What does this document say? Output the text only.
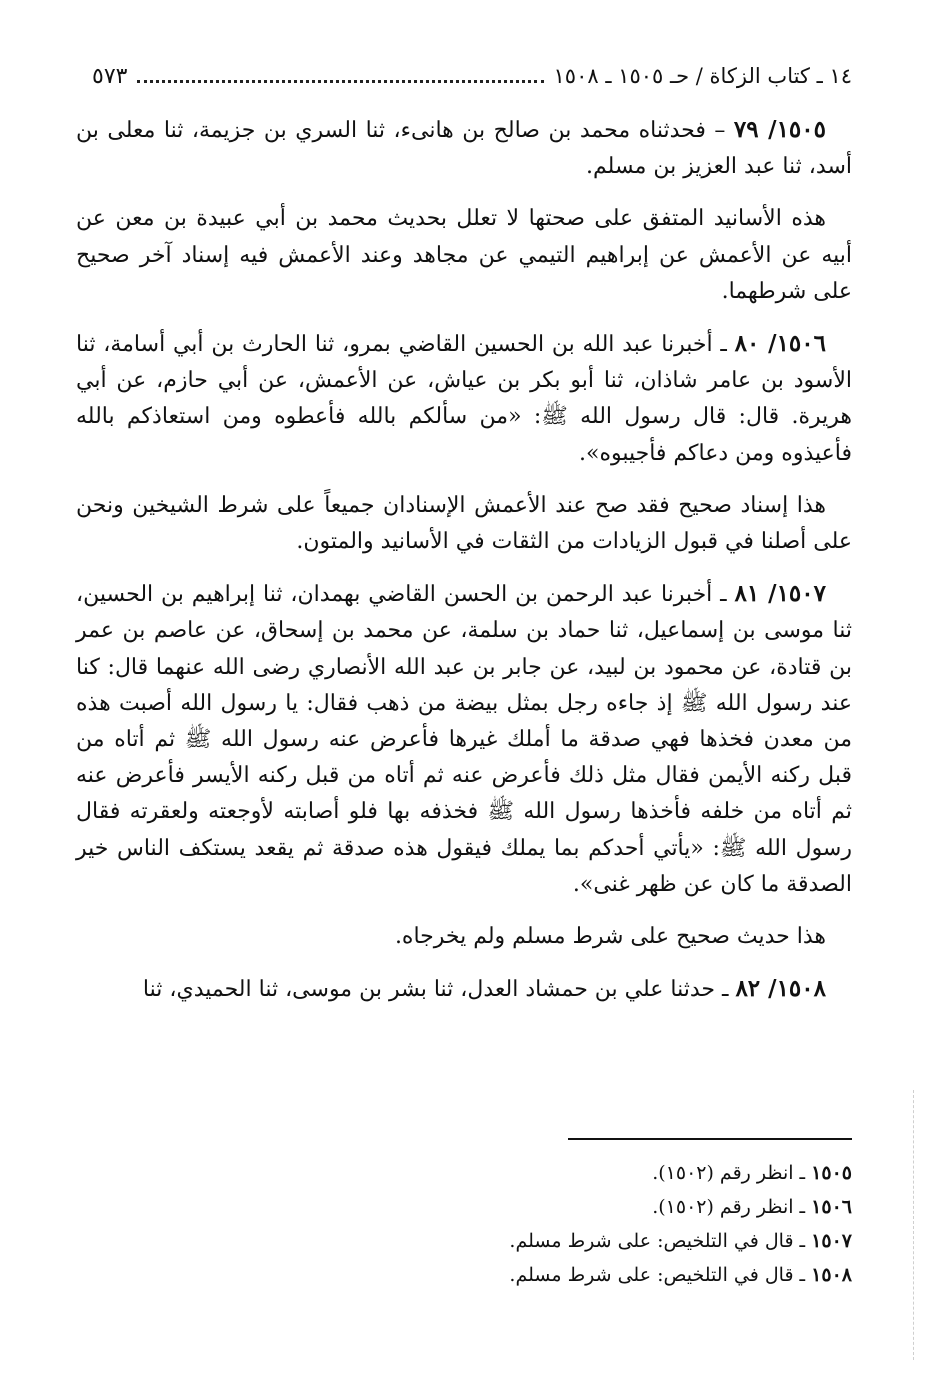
١٤ ـ كتاب الزكاة / حـ ١٥٠٥ ـ ١٥٠٨
٥٧٣

١٥٠٥/ ٧٩ – فحدثناه محمد بن صالح بن هانىء، ثنا السري بن جزيمة، ثنا معلى بن أسد، ثنا عبد العزيز بن مسلم.

هذه الأسانيد المتفق على صحتها لا تعلل بحديث محمد بن أبي عبيدة بن معن عن أبيه عن الأعمش عن إبراهيم التيمي عن مجاهد وعند الأعمش فيه إسناد آخر صحيح على شرطهما.

١٥٠٦/ ٨٠ ـ أخبرنا عبد الله بن الحسين القاضي بمرو، ثنا الحارث بن أبي أسامة، ثنا الأسود بن عامر شاذان، ثنا أبو بكر بن عياش، عن الأعمش، عن أبي حازم، عن أبي هريرة. قال: قال رسول الله ﷺ: «من سألكم بالله فأعطوه ومن استعاذكم بالله فأعيذوه ومن دعاكم فأجيبوه».

هذا إسناد صحيح فقد صح عند الأعمش الإسنادان جميعاً على شرط الشيخين ونحن على أصلنا في قبول الزيادات من الثقات في الأسانيد والمتون.

١٥٠٧/ ٨١ ـ أخبرنا عبد الرحمن بن الحسن القاضي بهمدان، ثنا إبراهيم بن الحسين، ثنا موسى بن إسماعيل، ثنا حماد بن سلمة، عن محمد بن إسحاق، عن عاصم بن عمر بن قتادة، عن محمود بن لبيد، عن جابر بن عبد الله الأنصاري رضى الله عنهما قال: كنا عند رسول الله ﷺ إذ جاءه رجل بمثل بيضة من ذهب فقال: يا رسول الله أصبت هذه من معدن فخذها فهي صدقة ما أملك غيرها فأعرض عنه رسول الله ﷺ ثم أتاه من قبل ركنه الأيمن فقال مثل ذلك فأعرض عنه ثم أتاه من قبل ركنه الأيسر فأعرض عنه ثم أتاه من خلفه فأخذها رسول الله ﷺ فخذفه بها فلو أصابته لأوجعته ولعقرته فقال رسول الله ﷺ: «يأتي أحدكم بما يملك فيقول هذه صدقة ثم يقعد يستكف الناس خير الصدقة ما كان عن ظهر غنى».

هذا حديث صحيح على شرط مسلم ولم يخرجاه.

١٥٠٨/ ٨٢ ـ حدثنا علي بن حمشاد العدل، ثنا بشر بن موسى، ثنا الحميدي، ثنا

١٥٠٥ ـ انظر رقم (١٥٠٢).
١٥٠٦ ـ انظر رقم (١٥٠٢).
١٥٠٧ ـ قال في التلخيص: على شرط مسلم.
١٥٠٨ ـ قال في التلخيص: على شرط مسلم.
